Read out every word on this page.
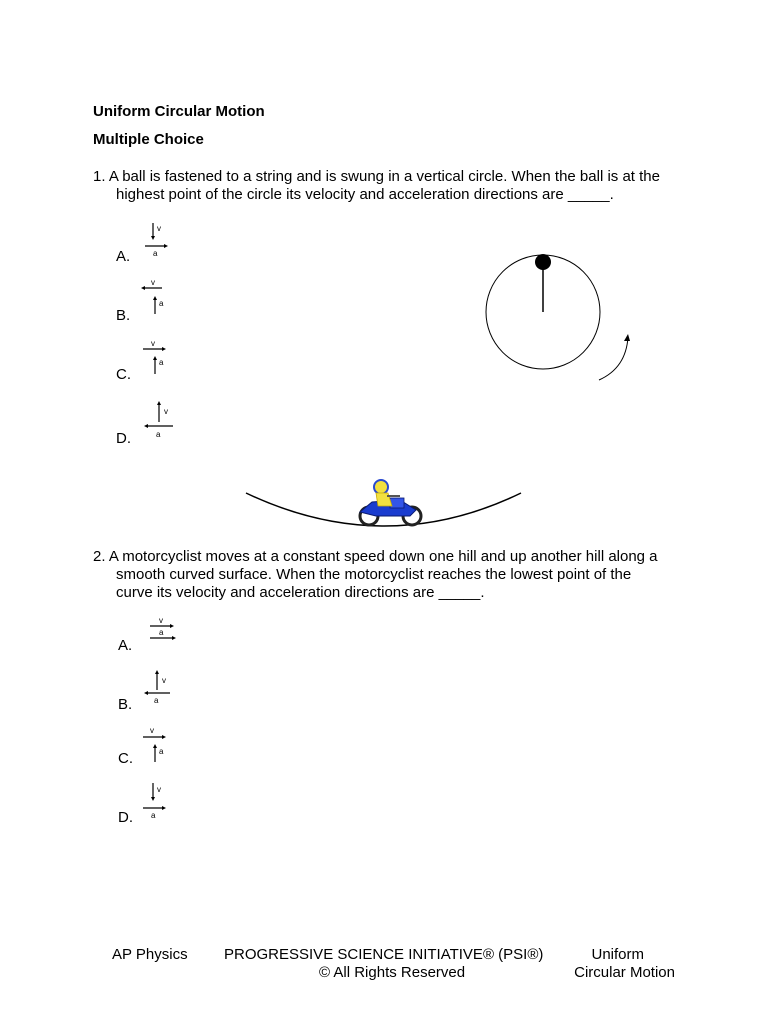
Uniform Circular Motion
Multiple Choice

1. A ball is fastened to a string and is swung in a vertical circle. When the ball is at the

highest point of the circle its velocity and acceleration directions are _____.

A.
v
a
B.
v
a
C.
v
a
D.
v
a

2. A motorcyclist moves at a constant speed down one hill and up another hill along a

smooth curved surface. When the motorcyclist reaches the lowest point of the

curve its velocity and acceleration directions are _____.

A.
v
a
B.
v
a
C.
v
a
D.
v
a
AP Physics PROGRESSIVE SCIENCE INITIATIVE® (PSI®)
© All Rights Reserved
Uniform
Circular Motion
